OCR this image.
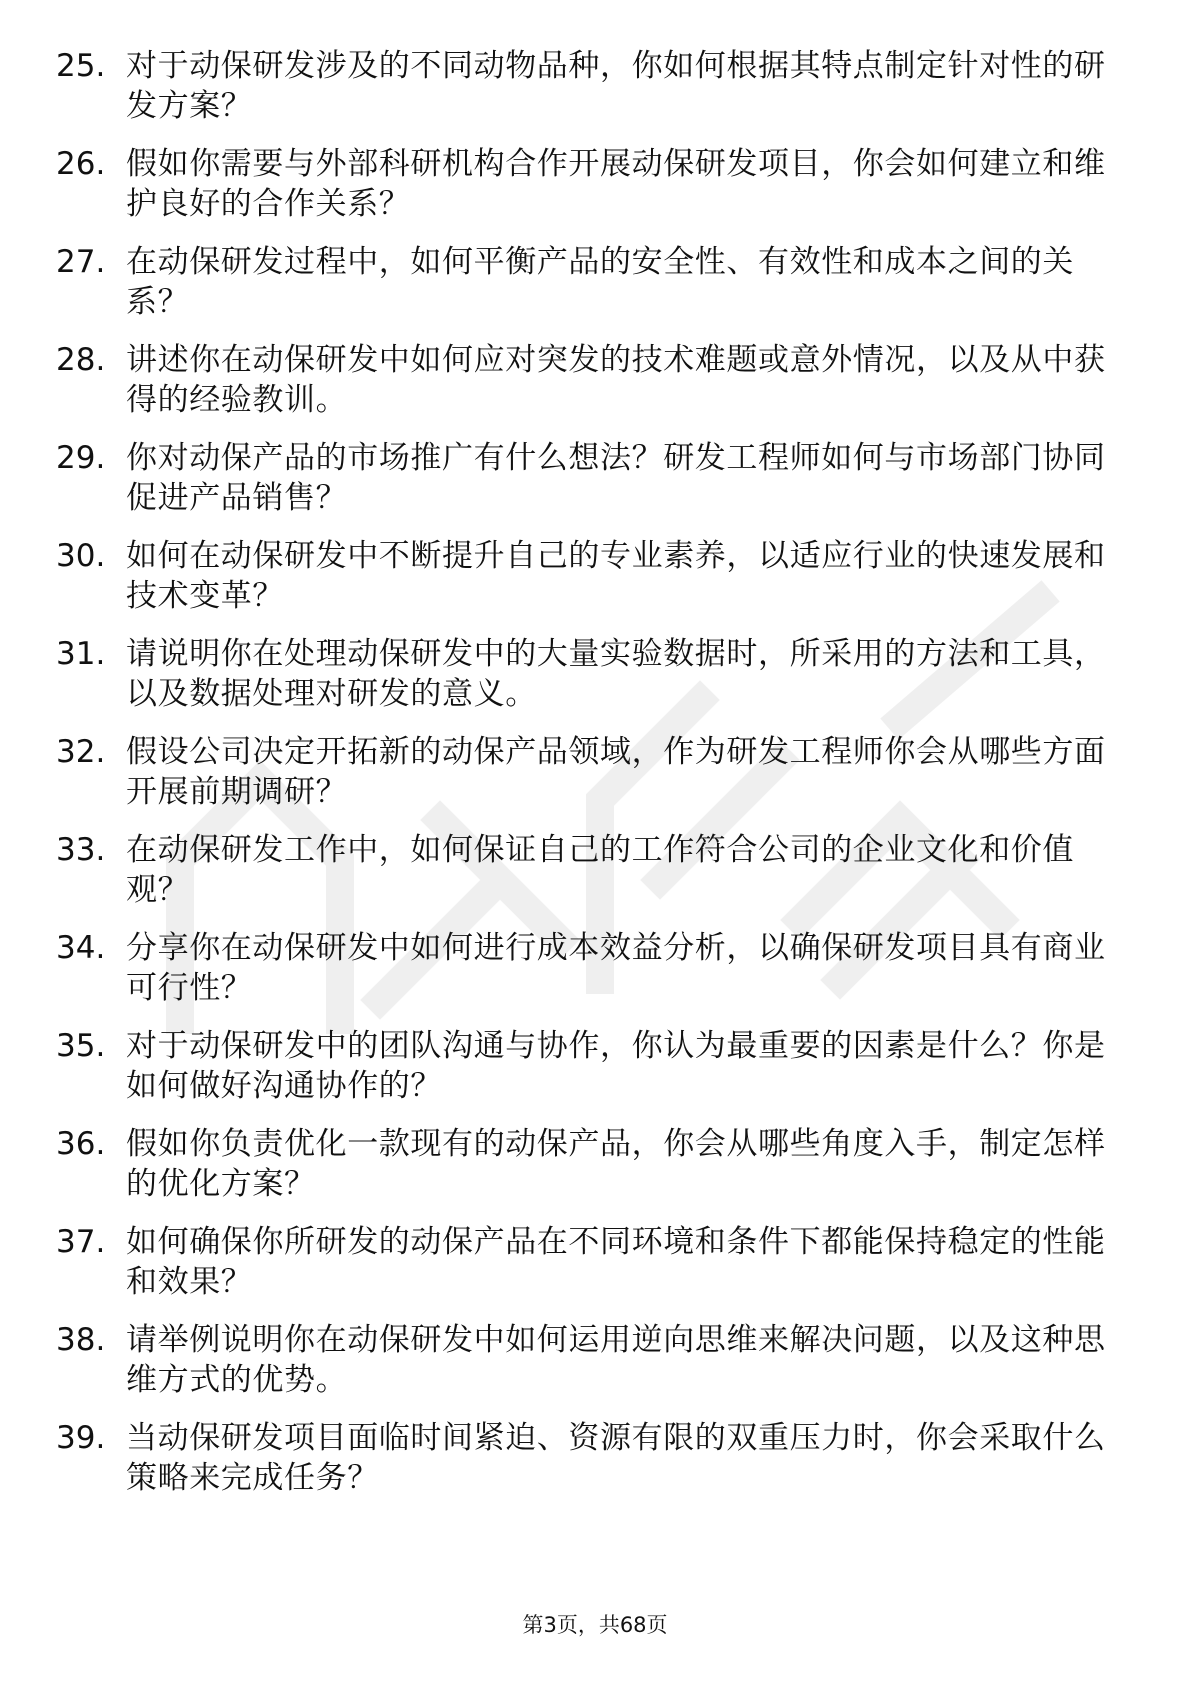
25. 对于动保研发涉及的不同动物品种，你如何根据其特点制定针对性的研发方案？
26. 假如你需要与外部科研机构合作开展动保研发项目，你会如何建立和维护良好的合作关系？
27. 在动保研发过程中，如何平衡产品的安全性、有效性和成本之间的关系？
28. 讲述你在动保研发中如何应对突发的技术难题或意外情况，以及从中获得的经验教训。
29. 你对动保产品的市场推广有什么想法？研发工程师如何与市场部门协同促进产品销售？
30. 如何在动保研发中不断提升自己的专业素养，以适应行业的快速发展和技术变革？
31. 请说明你在处理动保研发中的大量实验数据时，所采用的方法和工具，以及数据处理对研发的意义。
32. 假设公司决定开拓新的动保产品领域，作为研发工程师你会从哪些方面开展前期调研？
33. 在动保研发工作中，如何保证自己的工作符合公司的企业文化和价值观？
34. 分享你在动保研发中如何进行成本效益分析，以确保研发项目具有商业可行性？
35. 对于动保研发中的团队沟通与协作，你认为最重要的因素是什么？你是如何做好沟通协作的？
36. 假如你负责优化一款现有的动保产品，你会从哪些角度入手，制定怎样的优化方案？
37. 如何确保你所研发的动保产品在不同环境和条件下都能保持稳定的性能和效果？
38. 请举例说明你在动保研发中如何运用逆向思维来解决问题，以及这种思维方式的优势。
39. 当动保研发项目面临时间紧迫、资源有限的双重压力时，你会采取什么策略来完成任务？
第3页，共68页
